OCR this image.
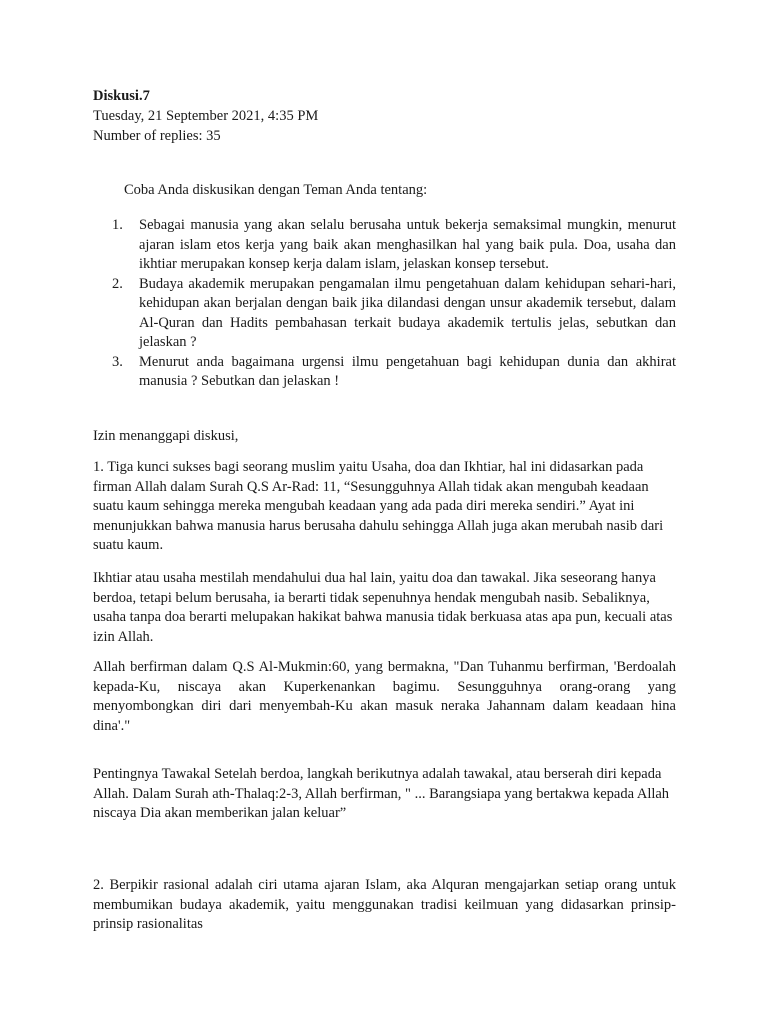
Diskusi.7
Tuesday, 21 September 2021, 4:35 PM
Number of replies: 35
Coba Anda diskusikan dengan Teman Anda tentang:
1. Sebagai manusia yang akan selalu berusaha untuk bekerja semaksimal mungkin, menurut ajaran islam etos kerja yang baik akan menghasilkan hal yang baik pula. Doa, usaha dan ikhtiar merupakan konsep kerja dalam islam, jelaskan konsep tersebut.
2. Budaya akademik merupakan pengamalan ilmu pengetahuan dalam kehidupan sehari-hari, kehidupan akan berjalan dengan baik jika dilandasi dengan unsur akademik tersebut, dalam Al-Quran dan Hadits pembahasan terkait budaya akademik tertulis jelas, sebutkan dan jelaskan ?
3. Menurut anda bagaimana urgensi ilmu pengetahuan bagi kehidupan dunia dan akhirat manusia ? Sebutkan dan jelaskan !

Izin menanggapi diskusi,

1. Tiga kunci sukses bagi seorang muslim yaitu Usaha, doa dan Ikhtiar, hal ini didasarkan pada firman Allah dalam Surah Q.S Ar-Rad: 11, “Sesungguhnya Allah tidak akan mengubah keadaan suatu kaum sehingga mereka mengubah keadaan yang ada pada diri mereka sendiri.” Ayat ini menunjukkan bahwa manusia harus berusaha dahulu sehingga Allah juga akan merubah nasib dari suatu kaum.

Ikhtiar atau usaha mestilah mendahului dua hal lain, yaitu doa dan tawakal. Jika seseorang hanya berdoa, tetapi belum berusaha, ia berarti tidak sepenuhnya hendak mengubah nasib. Sebaliknya, usaha tanpa doa berarti melupakan hakikat bahwa manusia tidak berkuasa atas apa pun, kecuali atas izin Allah.

Allah berfirman dalam Q.S Al-Mukmin:60, yang bermakna, "Dan Tuhanmu berfirman, 'Berdoalah kepada-Ku, niscaya akan Kuperkenankan bagimu. Sesungguhnya orang-orang yang menyombongkan diri dari menyembah-Ku akan masuk neraka Jahannam dalam keadaan hina dina'."

Pentingnya Tawakal Setelah berdoa, langkah berikutnya adalah tawakal, atau berserah diri kepada Allah. Dalam Surah ath-Thalaq:2-3, Allah berfirman, " ... Barangsiapa yang bertakwa kepada Allah niscaya Dia akan memberikan jalan keluar”

2. Berpikir rasional adalah ciri utama ajaran Islam, aka Alquran mengajarkan setiap orang untuk membumikan budaya akademik, yaitu menggunakan tradisi keilmuan yang didasarkan prinsip-prinsip rasionalitas
